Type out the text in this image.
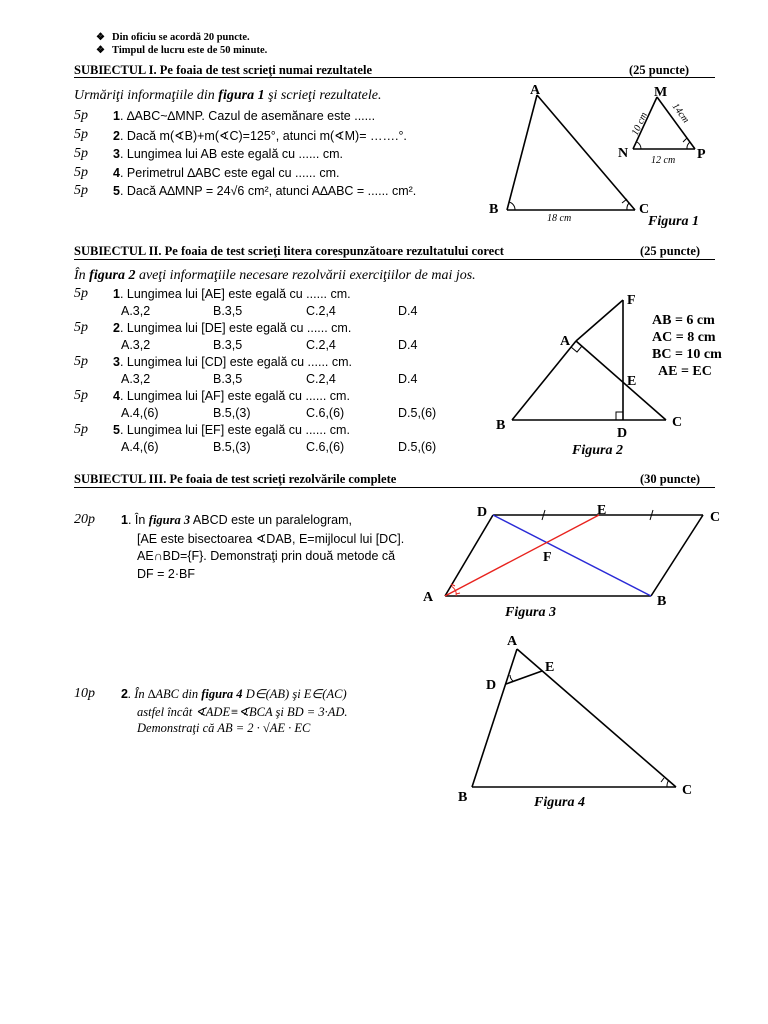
❖ Din oficiu se acordă 20 puncte.
❖ Timpul de lucru este de 50 minute.
SUBIECTUL I. Pe foaia de test scrieţi numai rezultatele	(25 puncte)
Urmăriţi informaţiile din figura 1 şi scrieţi rezultatele.
5p 1. ∆ABC~∆MNP. Cazul de asemănare este ......
5p 2. Dacă m(∢B)+m(∢C)=125°, atunci m(∢M)= …….°.
5p 3. Lungimea lui AB este egală cu ...... cm.
5p 4. Perimetrul ∆ABC este egal cu ...... cm.
5p 5. Dacă A∆MNP = 24√6 cm², atunci A∆ABC = ...... cm².
A
B	C
M
N	P
18 cm
12 cm
10 cm 14cm
Figura 1
SUBIECTUL II. Pe foaia de test scrieţi litera corespunzătoare rezultatului corect	(25 puncte)
În figura 2 aveţi informaţiile necesare rezolvării exerciţiilor de mai jos.
5p 1. Lungimea lui [AE] este egală cu ...... cm.
A.3,2	B.3,5	C.2,4	D.4
5p 2. Lungimea lui [DE] este egală cu ...... cm.
A.3,2	B.3,5	C.2,4	D.4
5p 3. Lungimea lui [CD] este egală cu ...... cm.
A.3,2	B.3,5	C.2,4	D.4
5p 4. Lungimea lui [AF] este egală cu ...... cm.
A.4,(6)	B.5,(3)	C.6,(6)	D.5,(6)
5p 5. Lungimea lui [EF] este egală cu ...... cm.
A.4,(6)	B.5,(3)	C.6,(6)	D.5,(6)
B	C
A
F
E
D
AB = 6 cm
AC = 8 cm
BC = 10 cm
AE = EC
Figura 2
SUBIECTUL III. Pe foaia de test scrieţi rezolvările complete	(30 puncte)
20p 1. În figura 3 ABCD este un paralelogram,
[AE este bisectoarea ∢DAB, E=mijlocul lui [DC].
AE∩BD={F}. Demonstraţi prin două metode că
DF = 2·BF
D	E	C
F
A	B
Figura 3
10p 2. În ∆ABC din figura 4 D∈(AB) şi E∈(AC)
astfel încât ∢ADE≡∢BCA şi BD = 3·AD.
Demonstraţi că AB = 2 · √AE · EC
A
E
D
B	C
Figura 4
